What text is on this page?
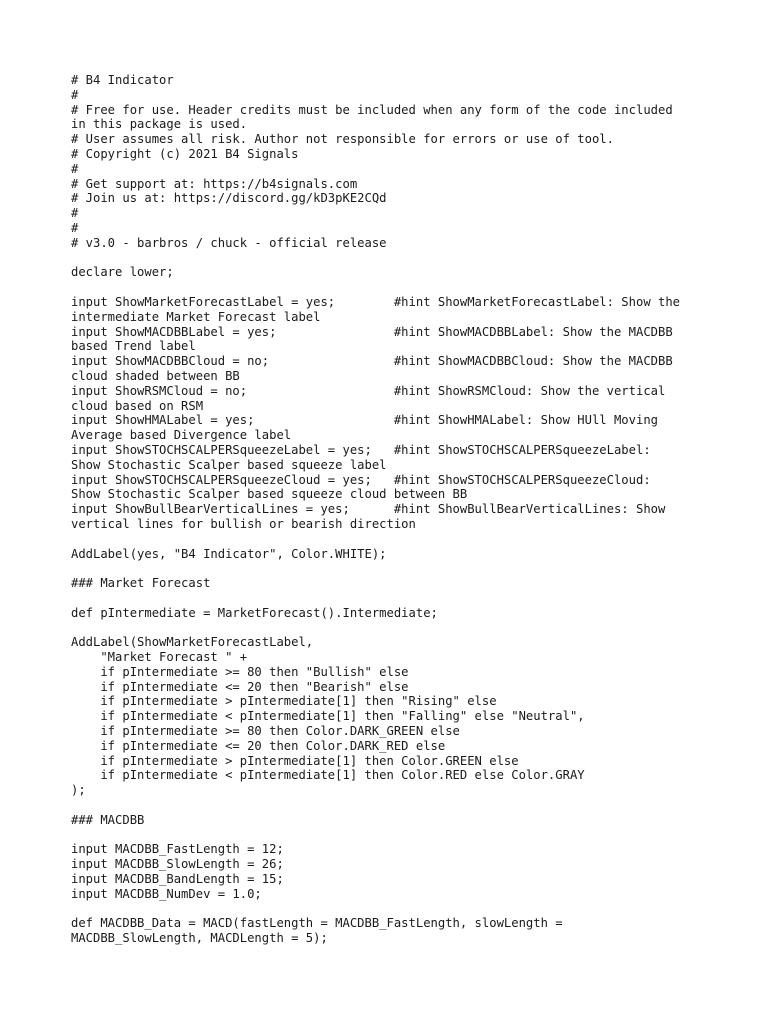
# B4 Indicator
#
# Free for use. Header credits must be included when any form of the code included
in this package is used.
# User assumes all risk. Author not responsible for errors or use of tool.
# Copyright (c) 2021 B4 Signals
#
# Get support at: https://b4signals.com
# Join us at: https://discord.gg/kD3pKE2CQd
#
#
# v3.0 - barbros / chuck - official release
declare lower;
input ShowMarketForecastLabel = yes;        #hint ShowMarketForecastLabel: Show the
intermediate Market Forecast label
input ShowMACDBBLabel = yes;                #hint ShowMACDBBLabel: Show the MACDBB
based Trend label
input ShowMACDBBCloud = no;                 #hint ShowMACDBBCloud: Show the MACDBB
cloud shaded between BB
input ShowRSMCloud = no;                    #hint ShowRSMCloud: Show the vertical
cloud based on RSM
input ShowHMALabel = yes;                   #hint ShowHMALabel: Show HUll Moving
Average based Divergence label
input ShowSTOCHSCALPERSqueezeLabel = yes;   #hint ShowSTOCHSCALPERSqueezeLabel:
Show Stochastic Scalper based squeeze label
input ShowSTOCHSCALPERSqueezeCloud = yes;   #hint ShowSTOCHSCALPERSqueezeCloud:
Show Stochastic Scalper based squeeze cloud between BB
input ShowBullBearVerticalLines = yes;      #hint ShowBullBearVerticalLines: Show
vertical lines for bullish or bearish direction
AddLabel(yes, "B4 Indicator", Color.WHITE);
### Market Forecast
def pIntermediate = MarketForecast().Intermediate;
AddLabel(ShowMarketForecastLabel,
"Market Forecast " +
if pIntermediate >= 80 then "Bullish" else
if pIntermediate <= 20 then "Bearish" else
if pIntermediate > pIntermediate[1] then "Rising" else
if pIntermediate < pIntermediate[1] then "Falling" else "Neutral",
if pIntermediate >= 80 then Color.DARK_GREEN else
if pIntermediate <= 20 then Color.DARK_RED else
if pIntermediate > pIntermediate[1] then Color.GREEN else
if pIntermediate < pIntermediate[1] then Color.RED else Color.GRAY
);
### MACDBB
input MACDBB_FastLength = 12;
input MACDBB_SlowLength = 26;
input MACDBB_BandLength = 15;
input MACDBB_NumDev = 1.0;
def MACDBB_Data = MACD(fastLength = MACDBB_FastLength, slowLength =
MACDBB_SlowLength, MACDLength = 5);
